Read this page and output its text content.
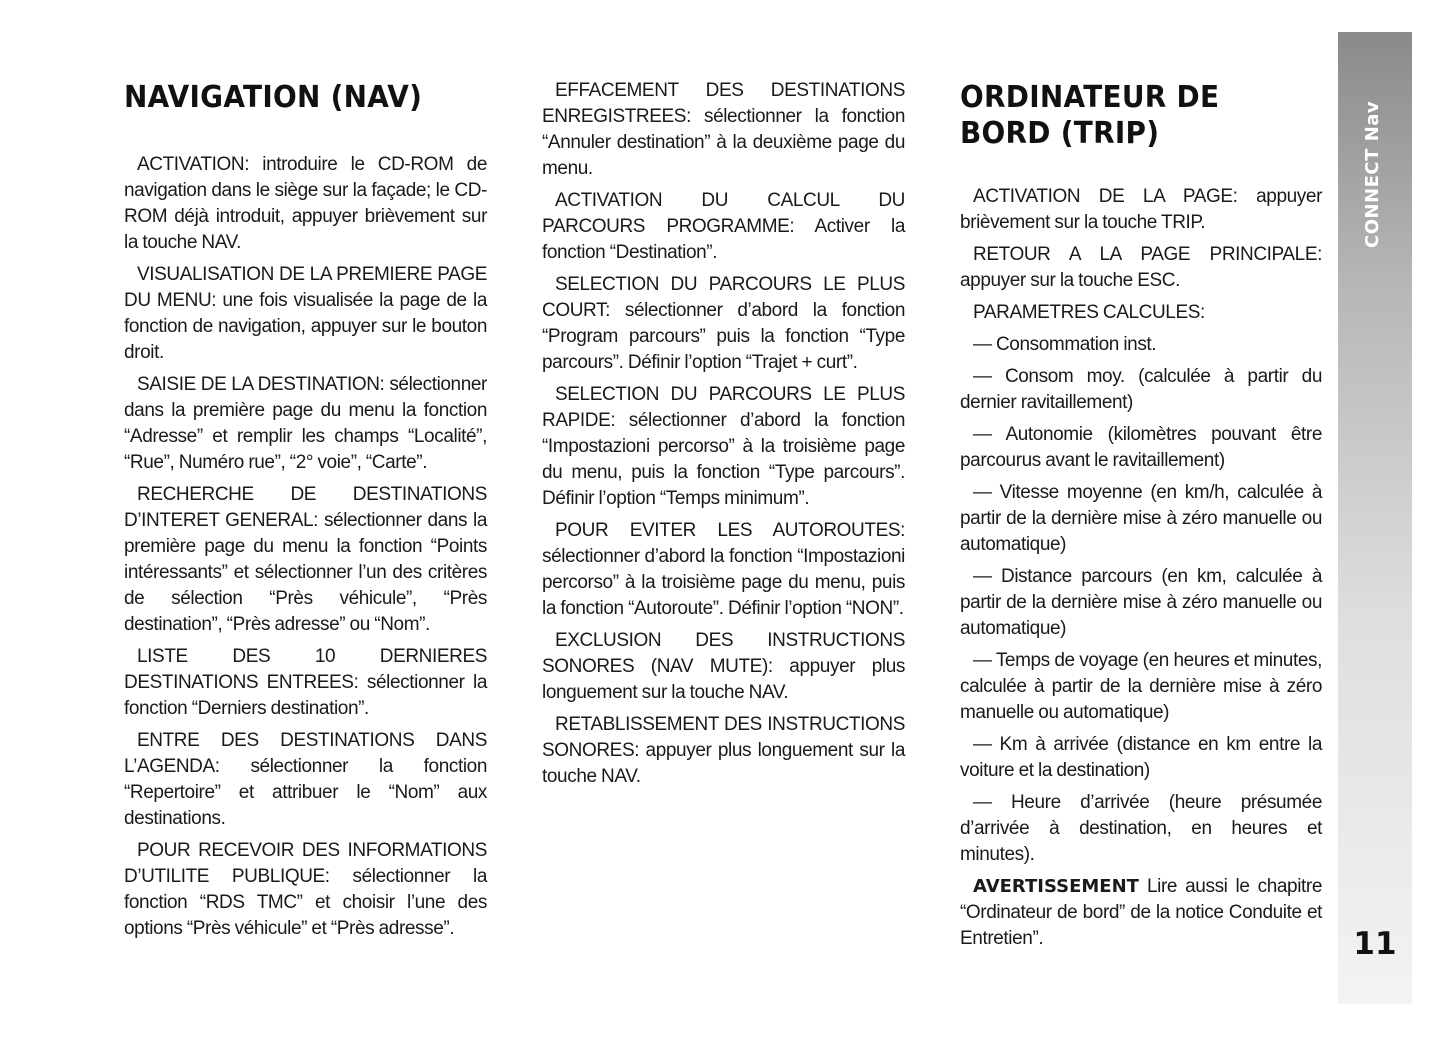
NAVIGATION (NAV)

ACTIVATION: introduire le CD-ROM de navigation dans le siège sur la façade; le CD-ROM déjà introduit, appuyer brièvement sur la touche NAV.

VISUALISATION DE LA PREMIERE PAGE DU MENU: une fois visualisée la page de la fonction de navigation, appuyer sur le bouton droit.

SAISIE DE LA DESTINATION: sélectionner dans la première page du menu la fonction “Adresse” et remplir les champs “Localité”, “Rue”, Numéro rue”, “2° voie”, “Carte”.

RECHERCHE DE DESTINATIONS D’INTERET GENERAL: sélectionner dans la première page du menu la fonction “Points intéressants” et sélectionner l’un des critères de sélection “Près véhicule”, “Près destination”, “Près adresse” ou “Nom”.

LISTE DES 10 DERNIERES DESTINATIONS ENTREES: sélectionner la fonction “Derniers destination”.

ENTRE DES DESTINATIONS DANS L’AGENDA: sélectionner la fonction “Repertoire” et attribuer le “Nom” aux destinations.

POUR RECEVOIR DES INFORMATIONS D’UTILITE PUBLIQUE: sélectionner la fonction “RDS TMC” et choisir l’une des options “Près véhicule” et “Près adresse”.

EFFACEMENT DES DESTINATIONS ENREGISTREES: sélectionner la fonction “Annuler destination” à la deuxième page du menu.

ACTIVATION DU CALCUL DU PARCOURS PROGRAMME: Activer la fonction “Destination”.

SELECTION DU PARCOURS LE PLUS COURT: sélectionner d’abord la fonction “Program parcours” puis la fonction “Type parcours”. Définir l’option “Trajet + curt”.

SELECTION DU PARCOURS LE PLUS RAPIDE: sélectionner d’abord la fonction “Impostazioni percorso” à la troisième page du menu, puis la fonction “Type parcours”. Définir l’option “Temps minimum”.

POUR EVITER LES AUTOROUTES: sélectionner d’abord la fonction “Impostazioni percorso” à la troisième page du menu, puis la fonction “Autoroute”. Définir l’option “NON”.

EXCLUSION DES INSTRUCTIONS SONORES (NAV MUTE): appuyer plus longuement sur la touche NAV.

RETABLISSEMENT DES INSTRUCTIONS SONORES: appuyer plus longuement sur la touche NAV.

ORDINATEUR DE
BORD (TRIP)

ACTIVATION DE LA PAGE: appuyer brièvement sur la touche TRIP.

RETOUR A LA PAGE PRINCIPALE: appuyer sur la touche ESC.

PARAMETRES CALCULES:

— Consommation inst.

— Consom moy. (calculée à partir du dernier ravitaillement)

— Autonomie (kilomètres pouvant être parcourus avant le ravitaillement)

— Vitesse moyenne (en km/h, calculée à partir de la dernière mise à zéro manuelle ou automatique)

— Distance parcours (en km, calculée à partir de la dernière mise à zéro manuelle ou automatique)

— Temps de voyage (en heures et minutes, calculée à partir de la dernière mise à zéro manuelle ou automatique)

— Km à arrivée (distance en km entre la voiture et la destination)

— Heure d’arrivée (heure présumée d’arrivée à destination, en heures et minutes).

AVERTISSEMENT Lire aussi le chapitre “Ordinateur de bord” de la notice Conduite et Entretien”.

CONNECT Nav
11
